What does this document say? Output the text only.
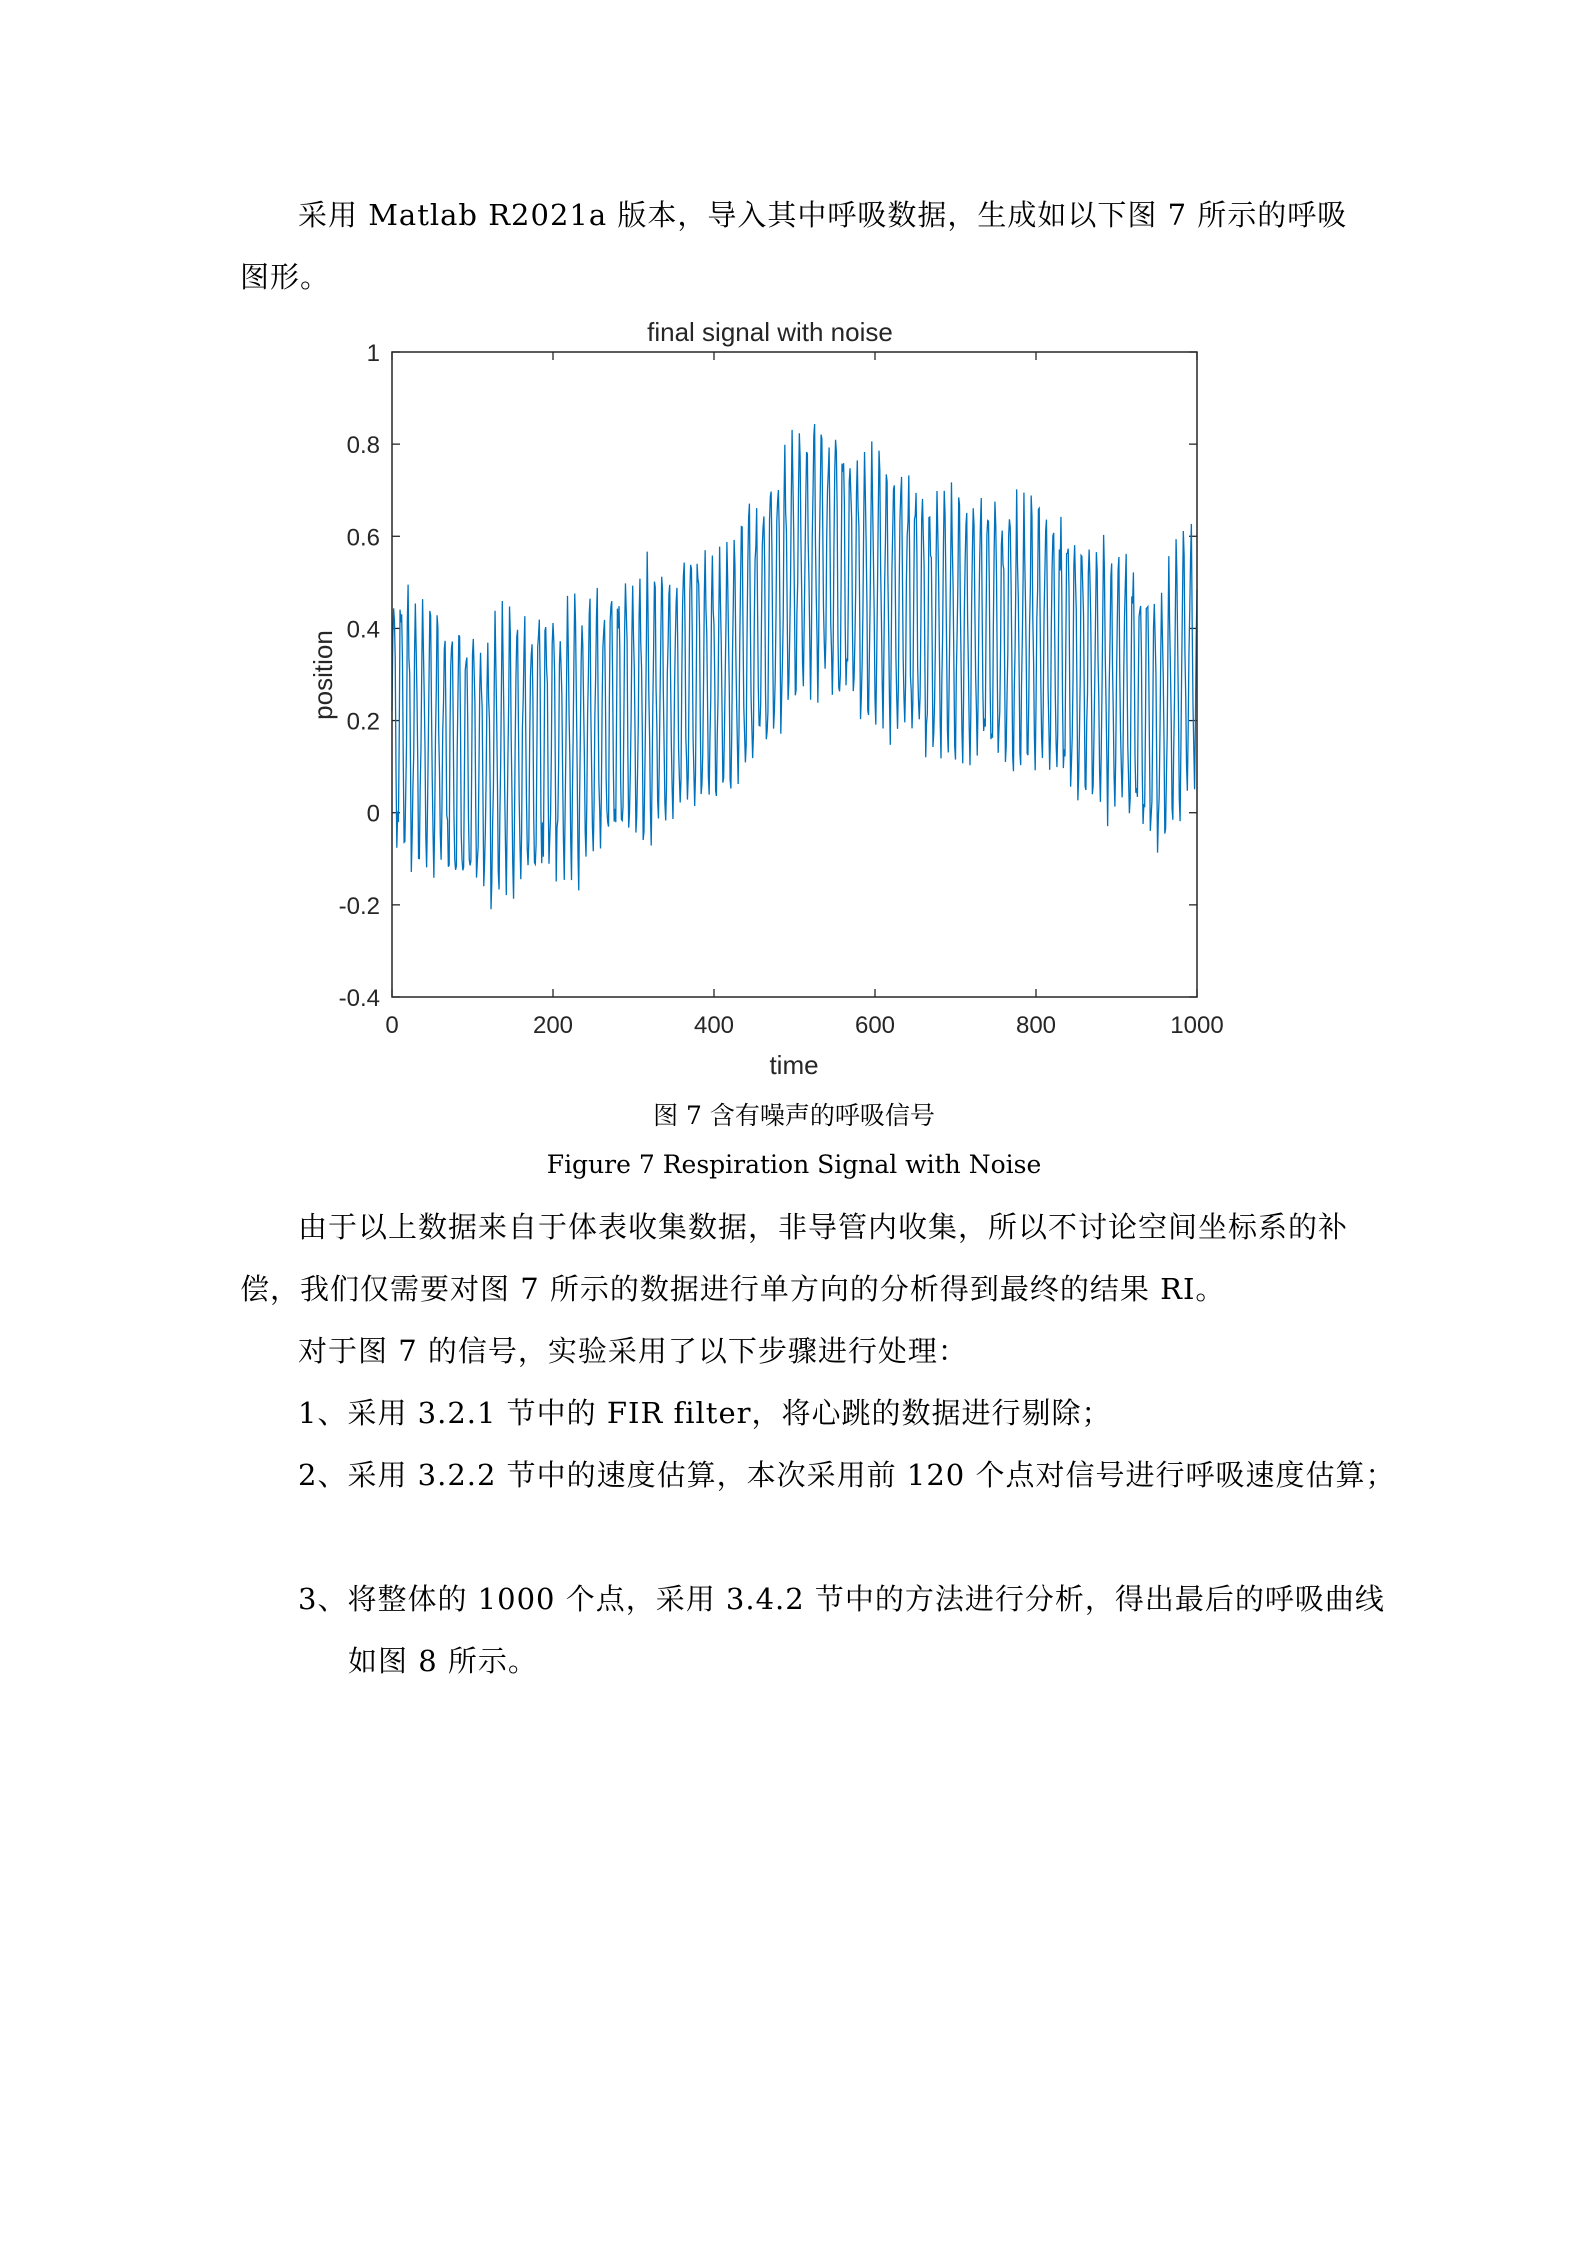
采用 Matlab R2021a 版本，导入其中呼吸数据，生成如以下图 7 所示的呼吸图形。

final signal with noise
1
0.8
0.6
0.4
0.2
0
-0.2
-0.4
0	200	400	600	800	1000
time
position

图 7 含有噪声的呼吸信号

Figure 7 Respiration Signal with Noise

由于以上数据来自于体表收集数据，非导管内收集，所以不讨论空间坐标系的补偿，我们仅需要对图 7 所示的数据进行单方向的分析得到最终的结果 RI。

对于图 7 的信号，实验采用了以下步骤进行处理：

1、采用 3.2.1 节中的 FIR filter，将心跳的数据进行剔除；

2、采用 3.2.2 节中的速度估算，本次采用前 120 个点对信号进行呼吸速度估算；

3、将整体的 1000 个点，采用 3.4.2 节中的方法进行分析，得出最后的呼吸曲线如图 8 所示。
